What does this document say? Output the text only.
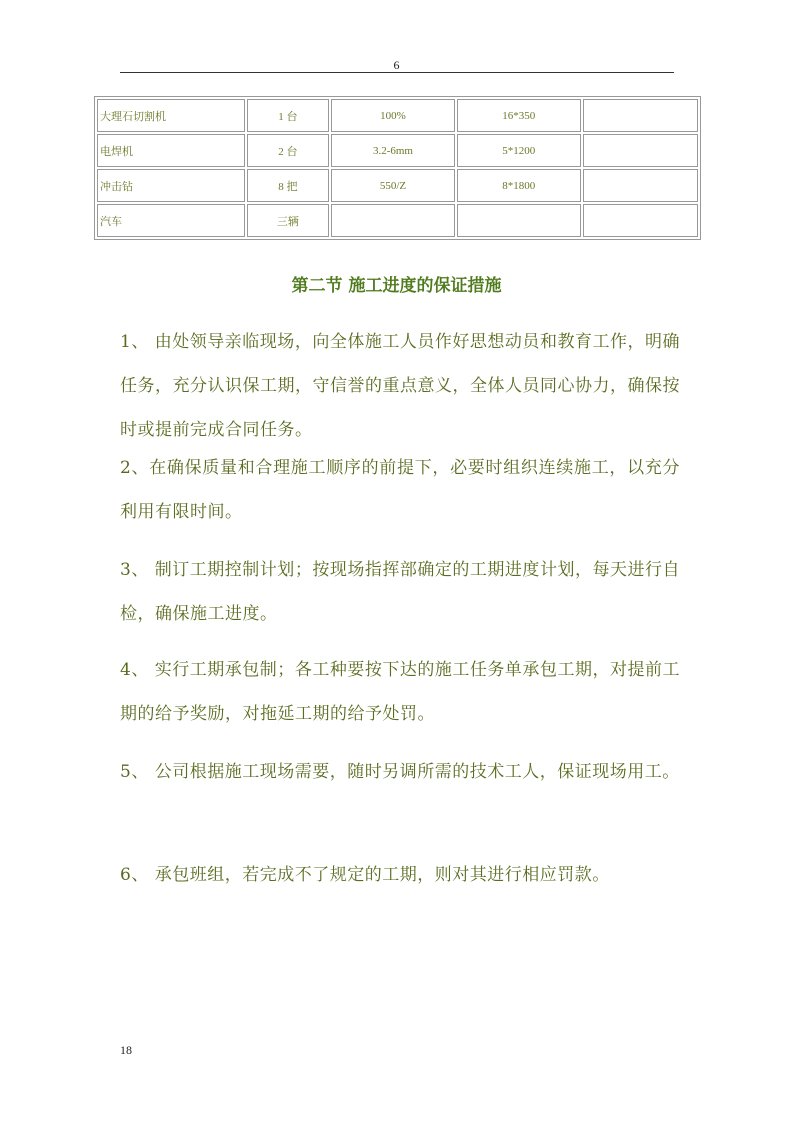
6
大理石切割机	1 台	100%	16*350	
电焊机	2 台	3.2-6mm	5*1200	
冲击钻	8 把	550/Z	8*1800	
汽车	三辆			
第二节 施工进度的保证措施
1、 由处领导亲临现场，向全体施工人员作好思想动员和教育工作，明确任务，充分认识保工期，守信誉的重点意义，全体人员同心协力，确保按时或提前完成合同任务。
2、在确保质量和合理施工顺序的前提下，必要时组织连续施工，以充分利用有限时间。
3、 制订工期控制计划；按现场指挥部确定的工期进度计划，每天进行自检，确保施工进度。
4、 实行工期承包制；各工种要按下达的施工任务单承包工期，对提前工期的给予奖励，对拖延工期的给予处罚。
5、 公司根据施工现场需要，随时另调所需的技术工人，保证现场用工。
6、 承包班组，若完成不了规定的工期，则对其进行相应罚款。
18
